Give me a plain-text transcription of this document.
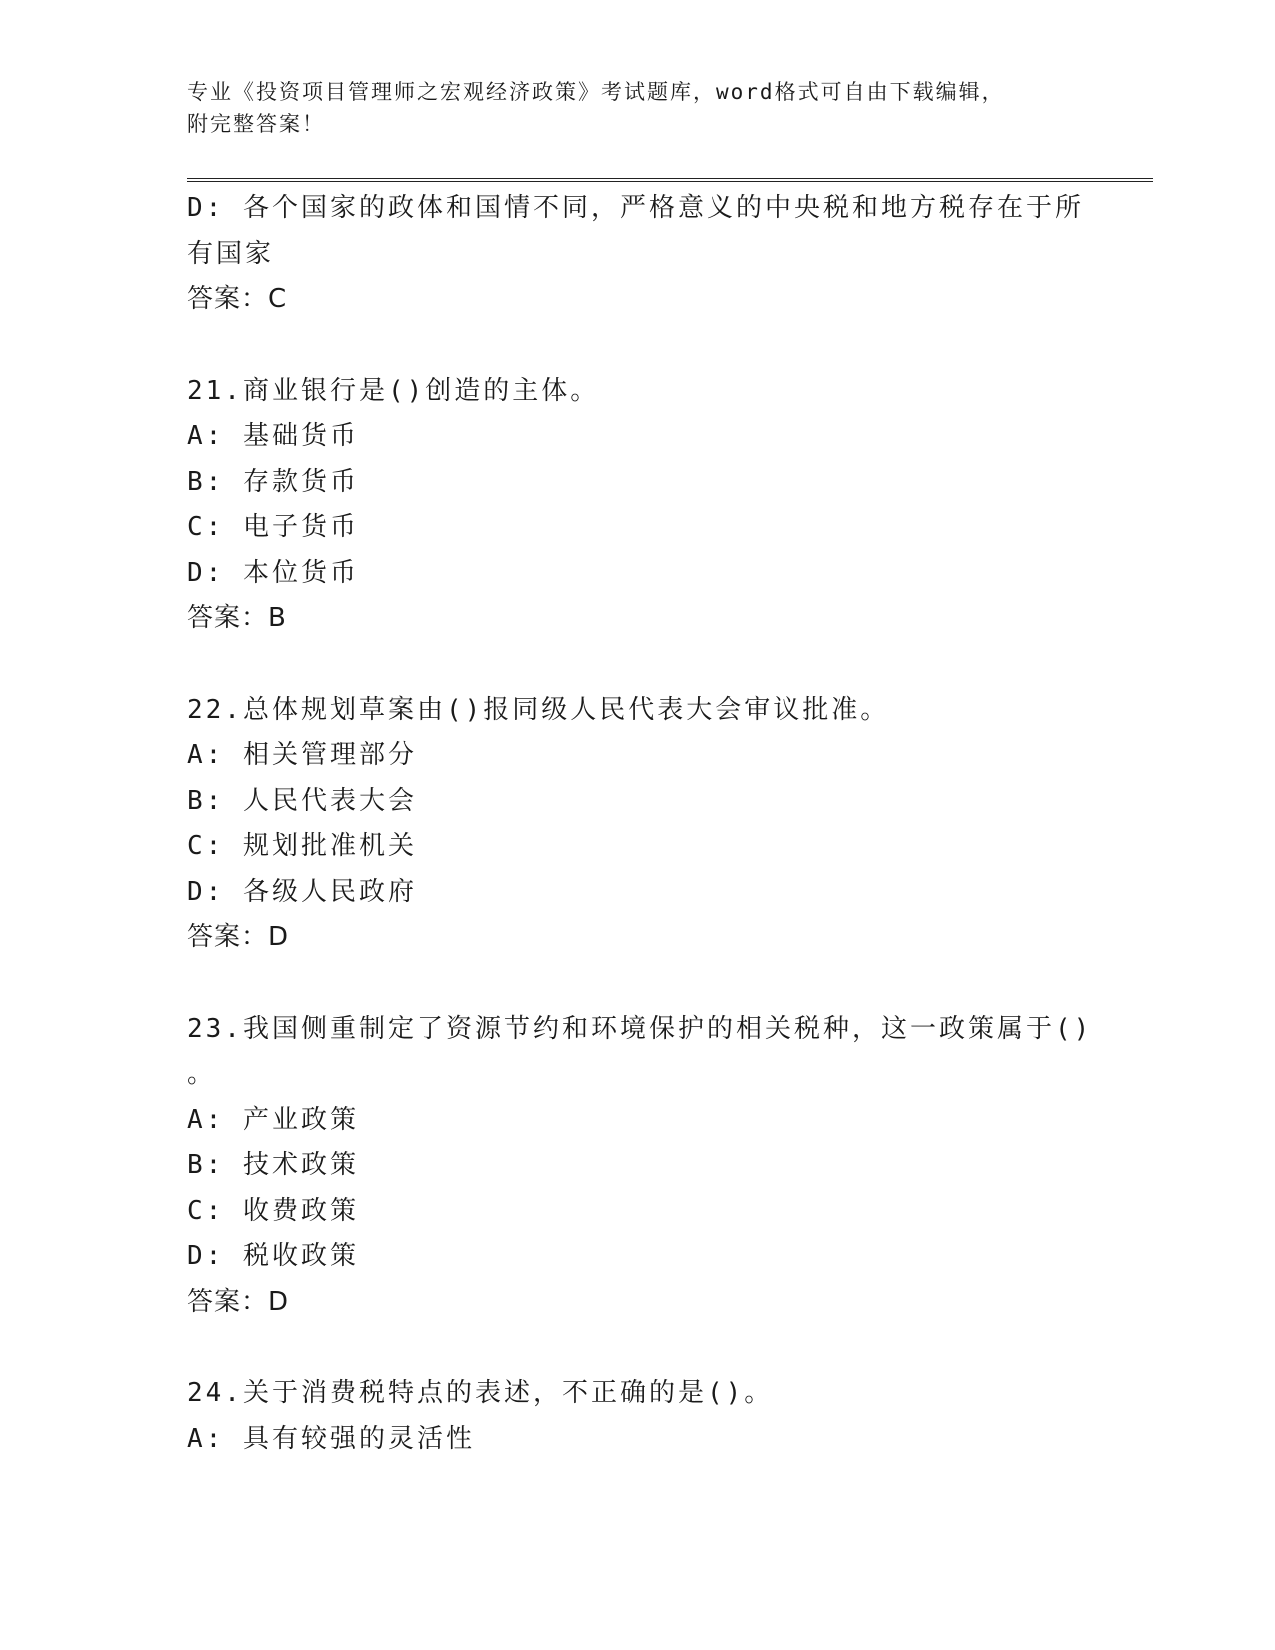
专业《投资项目管理师之宏观经济政策》考试题库，word格式可自由下载编辑，
附完整答案！
D: 各个国家的政体和国情不同，严格意义的中央税和地方税存在于所
有国家
答案：C
21.商业银行是()创造的主体。
A: 基础货币
B: 存款货币
C: 电子货币
D: 本位货币
答案：B
22.总体规划草案由()报同级人民代表大会审议批准。
A: 相关管理部分
B: 人民代表大会
C: 规划批准机关
D: 各级人民政府
答案：D
23.我国侧重制定了资源节约和环境保护的相关税种，这一政策属于()
。
A: 产业政策
B: 技术政策
C: 收费政策
D: 税收政策
答案：D
24.关于消费税特点的表述，不正确的是()。
A: 具有较强的灵活性
